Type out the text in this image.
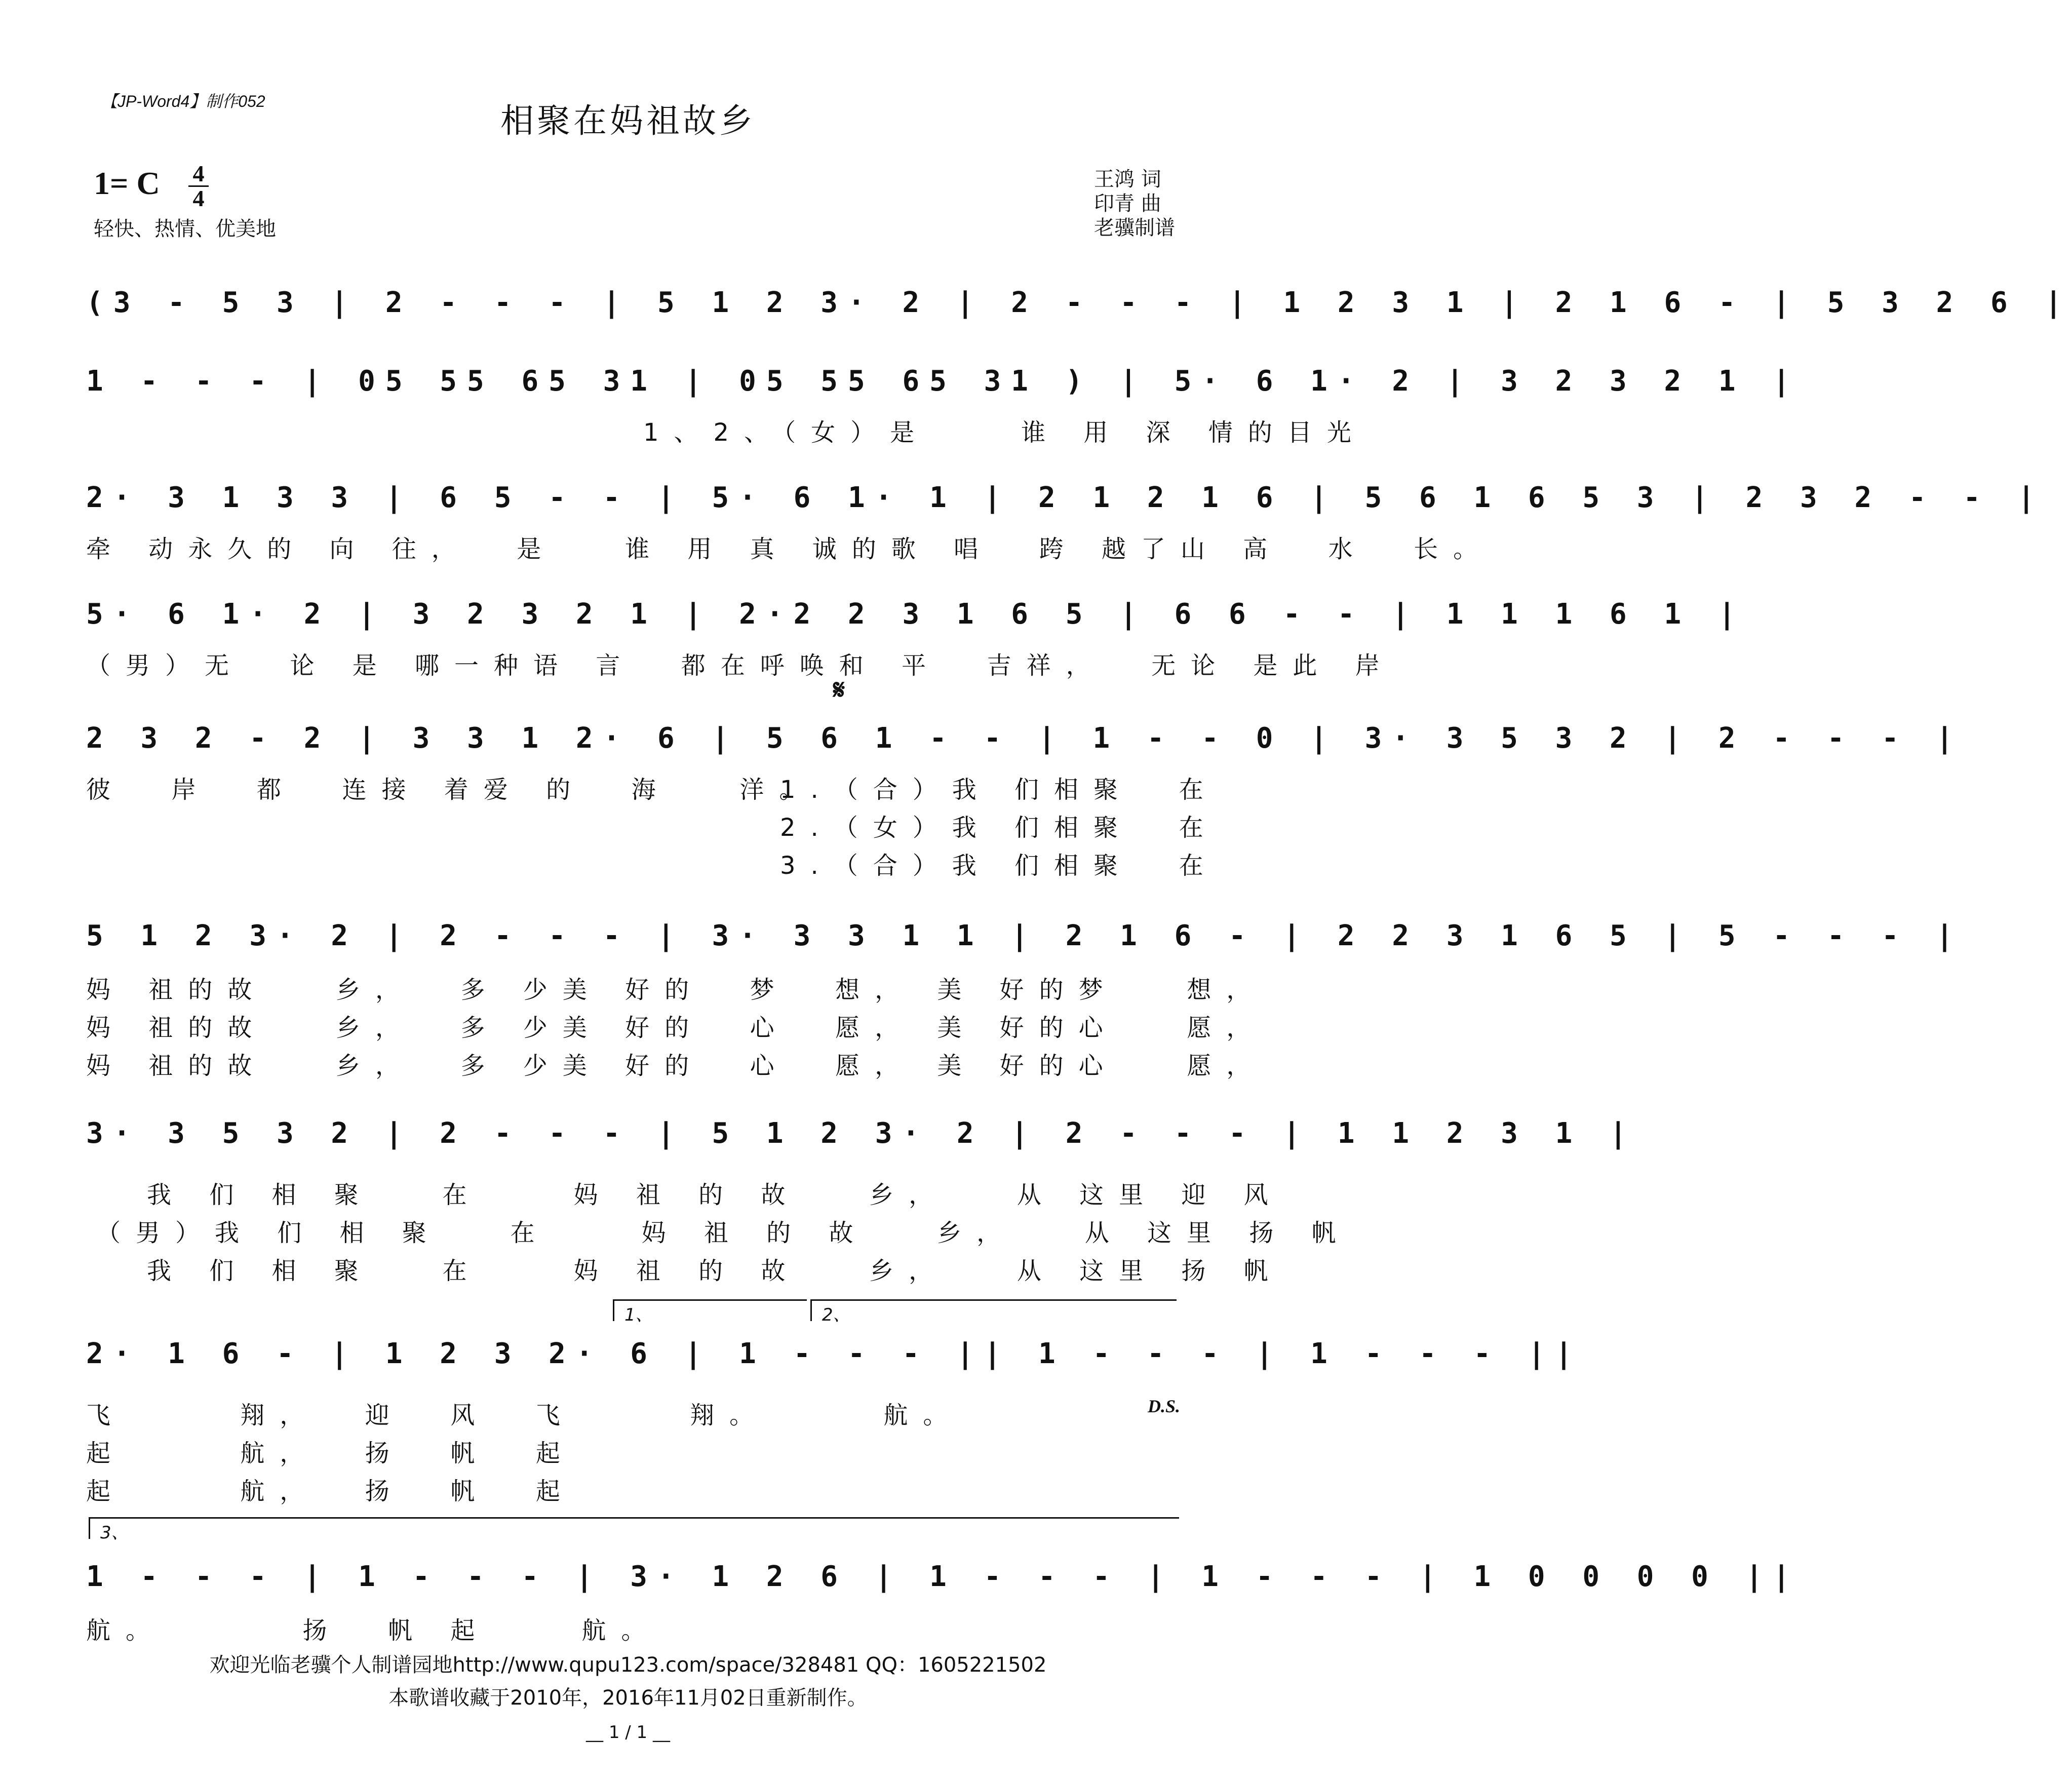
【JP-Word4】制作052	相聚在妈祖故乡
1= C 4
4
轻快、热情、优美地
王鸿 词
印青 曲
老骥制谱
(3 - 5 3 | 2 - - - | 5 1 2 3· 2 | 2 - - - | 1 2 3 1 | 2 1 6 - | 5 3 2 6 |
1 - - - | 05 55 65 31 | 05 55 65 31 ) | 5· 6 1· 2 | 3 2 3 2 1 |
1、2、（女）是    谁 用 深 情的目光
2· 3 1 3 3 | 6 5 - - | 5· 6 1· 1 | 2 1 2 1 6 | 5 6 1 6 5 3 | 2 3 2 - - |
牵 动永久的 向 往，  是   谁 用 真 诚的歌 唱  跨 越了山 高  水  长。
5· 6 1· 2 | 3 2 3 2 1 | 2·2 2 3 1 6 5 | 6 6 - - | 1 1 1 6 1 |
（男）无  论 是 哪一种语 言  都在呼唤和 平  吉祥，  无论 是此 岸
𝄋
2 3 2 - 2 | 3 3 1 2· 6 | 5 6 1 - - | 1 - - 0 | 3· 3 5 3 2 | 2 - - - |
彼  岸  都  连接 着爱 的  海   洋。
1.（合）我 们相聚  在
2.（女）我 们相聚  在
3.（合）我 们相聚  在
5 1 2 3· 2 | 2 - - - | 3· 3 3 1 1 | 2 1 6 - | 2 2 3 1 6 5 | 5 - - - |
妈 祖的故   乡，  多 少美 好的  梦  想， 美 好的梦   想，
妈 祖的故   乡，  多 少美 好的  心  愿， 美 好的心   愿，
妈 祖的故   乡，  多 少美 好的  心  愿， 美 好的心   愿，
3· 3 5 3 2 | 2 - - - | 5 1 2 3· 2 | 2 - - - | 1 1 2 3 1 |
我 们 相 聚   在    妈 祖 的 故   乡，   从 这里 迎 风
（男）我 们 相 聚   在    妈 祖 的 故   乡，   从 这里 扬 帆
我 们 相 聚   在    妈 祖 的 故   乡，   从 这里 扬 帆
1、	2、
2· 1 6 - | 1 2 3 2· 6 | 1 - - - || 1 - - - | 1 - - - ||
D.S.
飞     翔，  迎  风  飞     翔。     航。
起     航，  扬  帆  起
起     航，  扬  帆  起
3、
1 - - - | 1 - - - | 3· 1 2 6 | 1 - - - | 1 - - - | 1 0 0 0 0 ||
航。      扬  帆 起    航。
欢迎光临老骥个人制谱园地http://www.qupu123.com/space/328481 QQ：1605221502
本歌谱收藏于2010年，2016年11月02日重新制作。
__ 1 / 1 __
